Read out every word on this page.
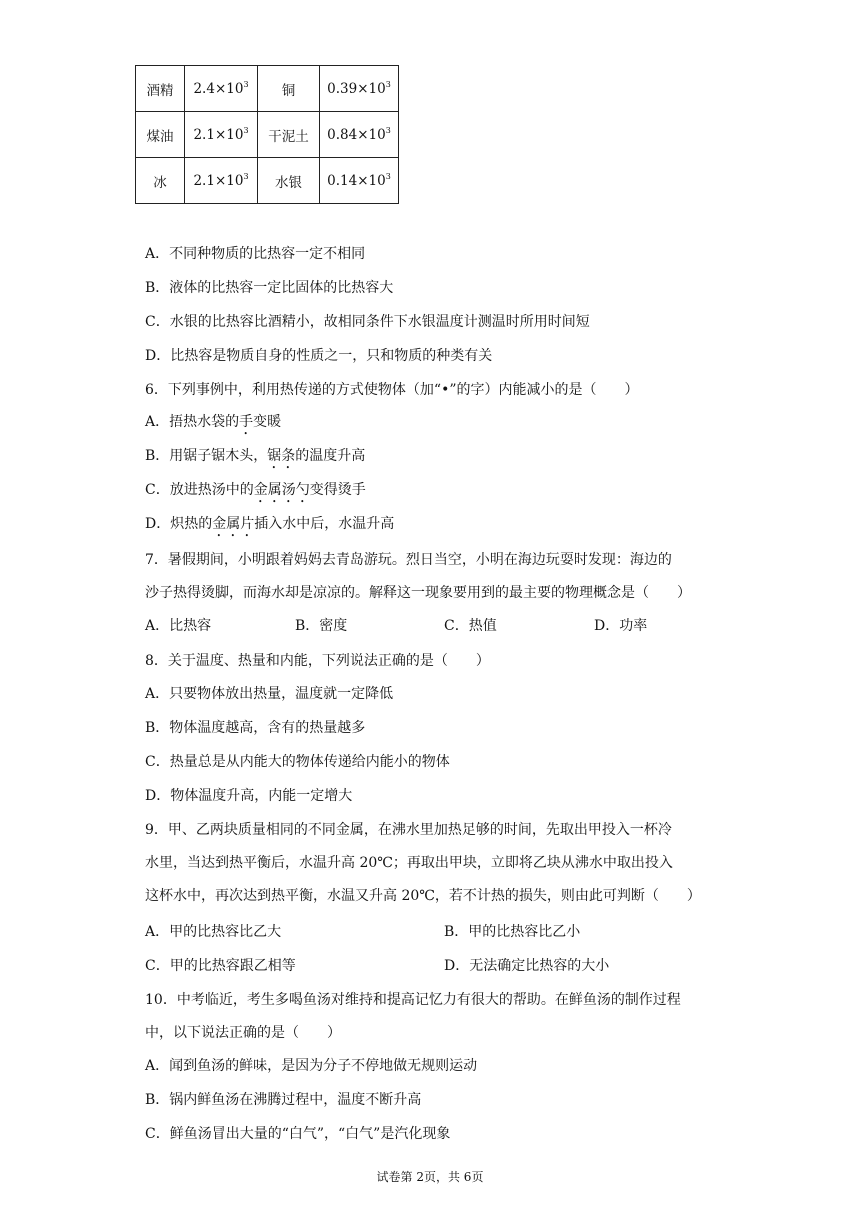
酒精	$2.4\times 10^3$	铜	$0.39\times 10^3$
煤油	$2.1\times 10^3$	干泥土	$0.84\times 10^3$
冰	$2.1\times 10^3$	水银	$0.14\times 10^3$
A．不同种物质的比热容一定不相同
B．液体的比热容一定比固体的比热容大
C．水银的比热容比酒精小，故相同条件下水银温度计测温时所用时间短
D．比热容是物质自身的性质之一，只和物质的种类有关
6．下列事例中，利用热传递的方式使物体（加“•”的字）内能减小的是（　　）
A．捂热水袋的手变暖
B．用锯子锯木头，锯条的温度升高
C．放进热汤中的金属汤勺变得烫手
D．炽热的金属片插入水中后，水温升高
7．暑假期间，小明跟着妈妈去青岛游玩。烈日当空，小明在海边玩耍时发现：海边的
沙子热得烫脚，而海水却是凉凉的。解释这一现象要用到的最主要的物理概念是（　　）
A．比热容	B．密度	C．热值	D．功率
8．关于温度、热量和内能，下列说法正确的是（　　）
A．只要物体放出热量，温度就一定降低
B．物体温度越高，含有的热量越多
C．热量总是从内能大的物体传递给内能小的物体
D．物体温度升高，内能一定增大
9．甲、乙两块质量相同的不同金属，在沸水里加热足够的时间，先取出甲投入一杯冷
水里，当达到热平衡后，水温升高 20℃；再取出甲块，立即将乙块从沸水中取出投入
这杯水中，再次达到热平衡，水温又升高 20℃，若不计热的损失，则由此可判断（　　）
A．甲的比热容比乙大	B．甲的比热容比乙小
C．甲的比热容跟乙相等	D．无法确定比热容的大小
10．中考临近，考生多喝鱼汤对维持和提高记忆力有很大的帮助。在鲜鱼汤的制作过程
中，以下说法正确的是（　　）
A．闻到鱼汤的鲜味，是因为分子不停地做无规则运动
B．锅内鲜鱼汤在沸腾过程中，温度不断升高
C．鲜鱼汤冒出大量的“白气”，“白气”是汽化现象
试卷第 2页，共 6页
